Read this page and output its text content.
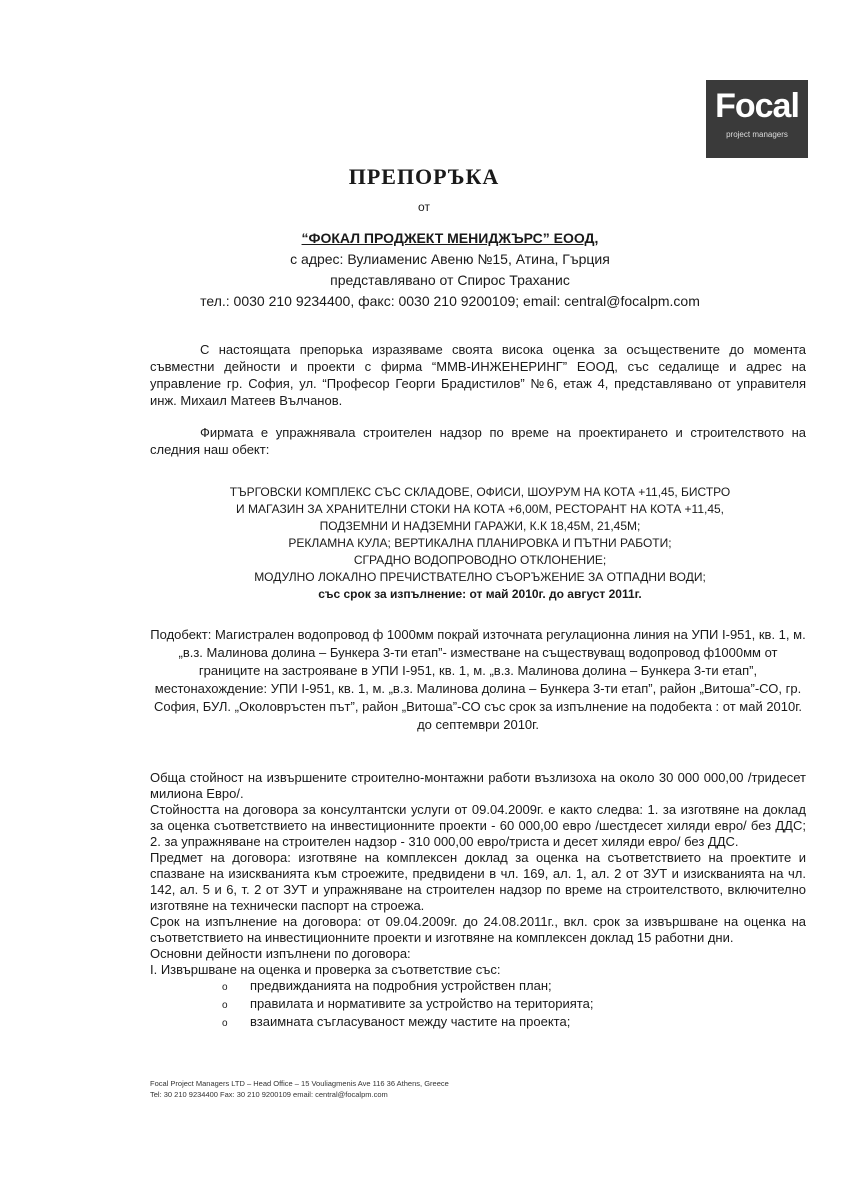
Focal
project managers
ПРЕПОРЪКА
от
“ФОКАЛ ПРОДЖЕКТ МЕНИДЖЪРС” ЕООД,
с адрес: Вулиаменис Авеню №15, Атина, Гърция
представлявано от Спирос Траханис
тел.: 0030 210 9234400, факс: 0030 210 9200109; email: central@focalpm.com

С настоящата препорька изразяваме своята висока оценка за осъществените до момента съвместни дейности и проекти с фирма “ММВ-ИНЖЕНЕРИНГ” ЕООД, със седалище и адрес на управление гр. София, ул. “Професор Георги Брадистилов” №6, етаж 4, представлявано от управителя инж. Михаил Матеев Вълчанов.

Фирмата е упражнявала строителен надзор по време на проектирането и строителството на следния наш обект:

ТЪРГОВСКИ КОМПЛЕКС СЪС СКЛАДОВЕ, ОФИСИ, ШОУРУМ НА КОТА +11,45, БИСТРО
И МАГАЗИН ЗА ХРАНИТЕЛНИ СТОКИ НА КОТА +6,00М, РЕСТОРАНТ НА КОТА +11,45,
ПОДЗЕМНИ И НАДЗЕМНИ ГАРАЖИ, К.К 18,45М, 21,45М;
РЕКЛАМНА КУЛА; ВЕРТИКАЛНА ПЛАНИРОВКА И ПЪТНИ РАБОТИ;
СГРАДНО ВОДОПРОВОДНО ОТКЛОНЕНИЕ;
МОДУЛНО ЛОКАЛНО ПРЕЧИСТВАТЕЛНО СЪОРЪЖЕНИЕ ЗА ОТПАДНИ ВОДИ;
със срок за изпълнение: от май 2010г. до август 2011г.
Подобект: Магистрален водопровод ф 1000мм покрай източната регулационна линия на УПИ I-951, кв. 1, м. „в.з. Малинова долина – Бункера 3-ти етап”- изместване на съществуващ водопровод ф1000мм от границите на застрояване в УПИ I-951, кв. 1, м. „в.з. Малинова долина – Бункера 3-ти етап”, местонахождение: УПИ I-951, кв. 1, м. „в.з. Малинова долина – Бункера 3-ти етап”, район „Витоша”-СО, гр. София, БУЛ. „Околовръстен път”, район „Витоша”-СО със срок за изпълнение на подобекта : от май 2010г. до септември 2010г.

Обща стойност на извършените строително-монтажни работи възлизоха на около 30 000 000,00 /тридесет милиона Евро/.

Стойността на договора за консултантски услуги от 09.04.2009г. е както следва: 1. за изготвяне на доклад за оценка съответствието на инвестиционните проекти - 60 000,00 евро /шестдесет хиляди евро/ без ДДС; 2. за упражняване на строителен надзор - 310 000,00 евро/триста и десет хиляди евро/ без ДДС.

Предмет на договора: изготвяне на комплексен доклад за оценка на съответствието на проектите и спазване на изискванията към строежите, предвидени в чл. 169, ал. 1, ал. 2 от ЗУТ и изискванията на чл. 142, ал. 5 и 6, т. 2 от ЗУТ и упражняване на строителен надзор по време на строителството, включително изготвяне на технически паспорт на строежа.

Срок на изпълнение на договора: от 09.04.2009г. до 24.08.2011г., вкл. срок за извършване на оценка на съответствието на инвестиционните проекти и изготвяне на комплексен доклад 15 работни дни.

Основни дейности изпълнени по договора:

I. Извършване на оценка и проверка за съответствие със:

o	предвижданията на подробния устройствен план;
o	правилата и нормативите за устройство на територията;
o	взаимната съгласуваност между частите на проекта;
Focal Project Managers LTD – Head Office – 15 Vouliagmenis Ave 116 36 Athens, Greece
Tel: 30 210 9234400 Fax: 30 210 9200109 email: central@focalpm.com
